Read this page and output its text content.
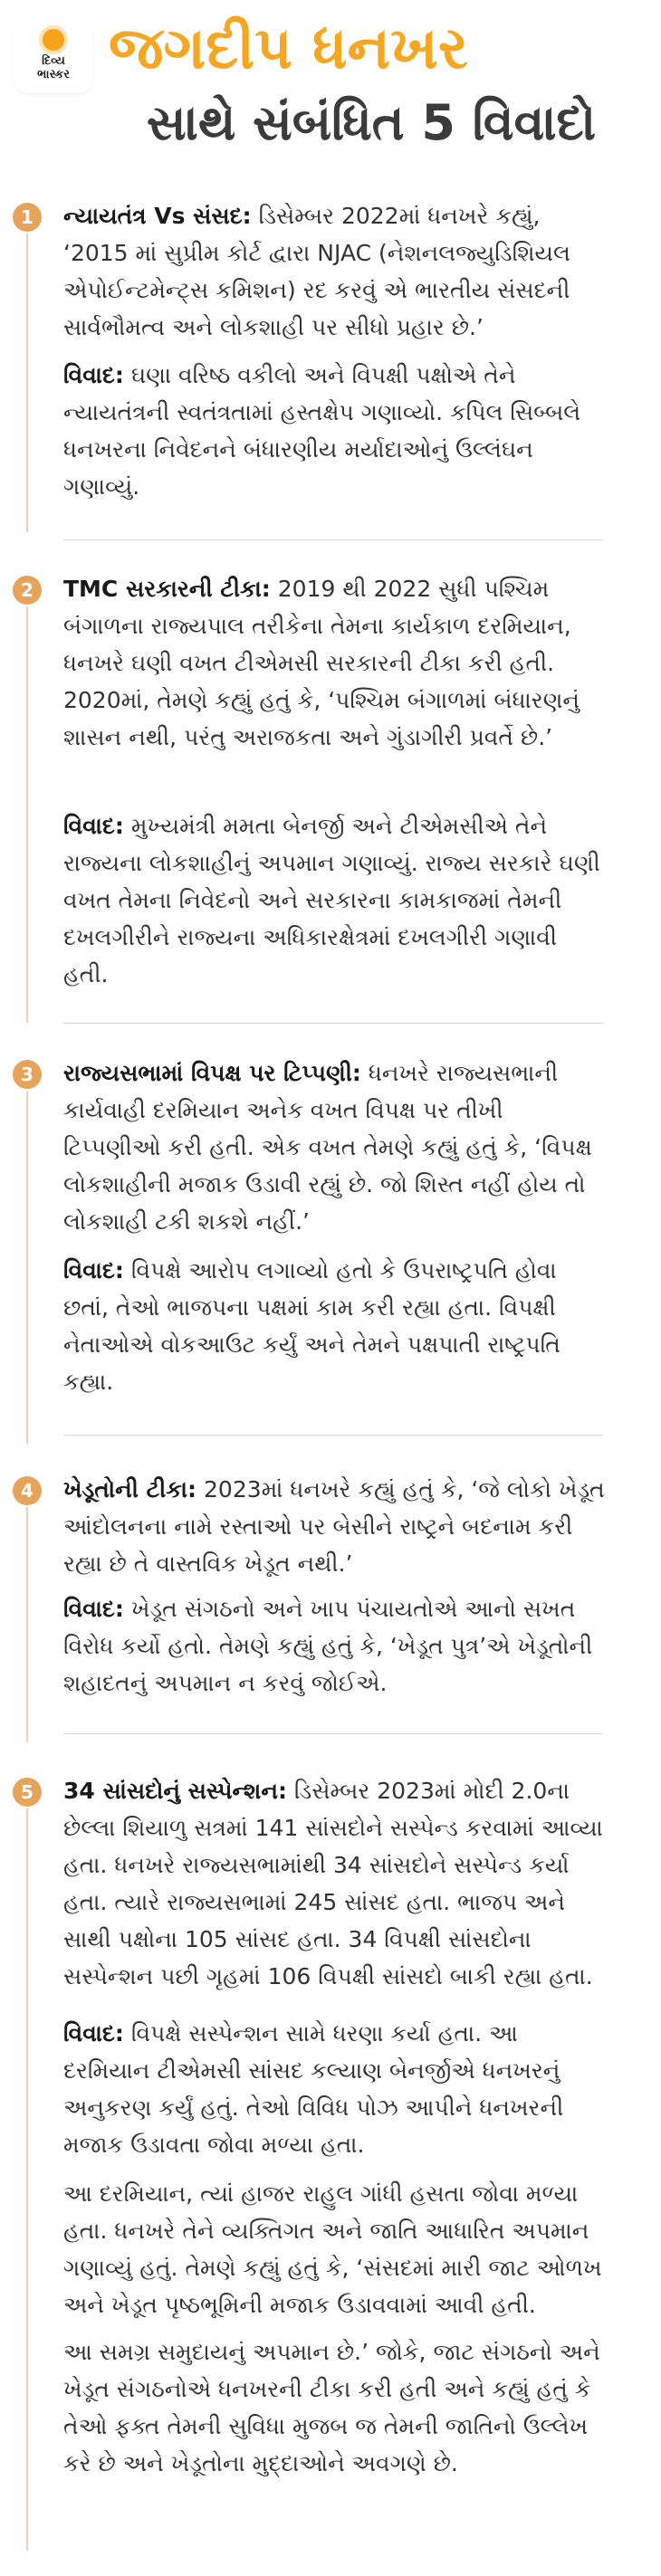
દિવ્ય
ભાસ્કર જગદીપ ધનખર
સાથે સંબંધિત 5 વિવાદો
1	ન્યાયતંત્ર Vs સંસદ: ડિસેમ્બર 2022માં ધનખરે કહ્યું, ‘2015 માં સુપ્રીમ કોર્ટ દ્વારા NJAC (નેશનલજ્યુડિશિયલ એપોઈન્ટમેન્ટ્સ કમિશન) રદ કરવું એ ભારતીય સંસદની સાર્વભૌમત્વ અને લોકશાહી પર સીધો પ્રહાર છે.’

વિવાદ: ઘણા વરિષ્ઠ વકીલો અને વિપક્ષી પક્ષોએ તેને ન્યાયતંત્રની સ્વતંત્રતામાં હસ્તક્ષેપ ગણાવ્યો. કપિલ સિબ્બલે ધનખરના નિવેદનને બંધારણીય મર્યાદાઓનું ઉલ્લંઘન ગણાવ્યું.

2	TMC સરકારની ટીકા: 2019 થી 2022 સુધી પશ્ચિમ બંગાળના રાજ્યપાલ તરીકેના તેમના કાર્યકાળ દરમિયાન, ધનખરે ઘણી વખત ટીએમસી સરકારની ટીકા કરી હતી. 2020માં, તેમણે કહ્યું હતું કે, ‘પશ્ચિમ બંગાળમાં બંધારણનું શાસન નથી, પરંતુ અરાજકતા અને ગુંડાગીરી પ્રવર્તે છે.’

વિવાદ: મુખ્યમંત્રી મમતા બેનર્જી અને ટીએમસીએ તેને રાજ્યના લોકશાહીનું અપમાન ગણાવ્યું. રાજ્ય સરકારે ઘણી વખત તેમના નિવેદનો અને સરકારના કામકાજમાં તેમની દખલગીરીને રાજ્યના અધિકારક્ષેત્રમાં દખલગીરી ગણાવી હતી.

3	રાજ્યસભામાં વિપક્ષ પર ટિપ્પણી: ધનખરે રાજ્યસભાની કાર્યવાહી દરમિયાન અનેક વખત વિપક્ષ પર તીખી ટિપ્પણીઓ કરી હતી. એક વખત તેમણે કહ્યું હતું કે, ‘વિપક્ષ લોકશાહીની મજાક ઉડાવી રહ્યું છે. જો શિસ્ત નહીં હોય તો લોકશાહી ટકી શકશે નહીં.’

વિવાદ: વિપક્ષે આરોપ લગાવ્યો હતો કે ઉપરાષ્ટ્રપતિ હોવા છતાં, તેઓ ભાજપના પક્ષમાં કામ કરી રહ્યા હતા. વિપક્ષી નેતાઓએ વોકઆઉટ કર્યું અને તેમને પક્ષપાતી રાષ્ટ્રપતિ કહ્યા.

4	ખેડૂતોની ટીકા: 2023માં ધનખરે કહ્યું હતું કે, ‘જે લોકો ખેડૂત આંદોલનના નામે રસ્તાઓ પર બેસીને રાષ્ટ્રને બદનામ કરી રહ્યા છે તે વાસ્તવિક ખેડૂત નથી.’

વિવાદ: ખેડૂત સંગઠનો અને ખાપ પંચાયતોએ આનો સખત વિરોધ કર્યો હતો. તેમણે કહ્યું હતું કે, ‘ખેડૂત પુત્ર’એ ખેડૂતોની શહાદતનું અપમાન ન કરવું જોઈએ.

5	34 સાંસદોનું સસ્પેન્શન: ડિસેમ્બર 2023માં મોદી 2.0ના છેલ્લા શિયાળુ સત્રમાં 141 સાંસદોને સસ્પેન્ડ કરવામાં આવ્યા હતા. ધનખરે રાજ્યસભામાંથી 34 સાંસદોને સસ્પેન્ડ કર્યા હતા. ત્યારે રાજ્યસભામાં 245 સાંસદ હતા. ભાજપ અને સાથી પક્ષોના 105 સાંસદ હતા. 34 વિપક્ષી સાંસદોના સસ્પેન્શન પછી ગૃહમાં 106 વિપક્ષી સાંસદો બાકી રહ્યા હતા.

વિવાદ: વિપક્ષે સસ્પેન્શન સામે ધરણા કર્યા હતા. આ દરમિયાન ટીએમસી સાંસદ કલ્યાણ બેનર્જીએ ધનખરનું અનુકરણ કર્યું હતું. તેઓ વિવિધ પોઝ આપીને ધનખરની મજાક ઉડાવતા જોવા મળ્યા હતા.

આ દરમિયાન, ત્યાં હાજર રાહુલ ગાંધી હસતા જોવા મળ્યા હતા. ધનખરે તેને વ્યક્તિગત અને જાતિ આધારિત અપમાન ગણાવ્યું હતું. તેમણે કહ્યું હતું કે, ‘સંસદમાં મારી જાટ ઓળખ અને ખેડૂત પૃષ્ઠભૂમિની મજાક ઉડાવવામાં આવી હતી.

આ સમગ્ર સમુદાયનું અપમાન છે.’ જોકે, જાટ સંગઠનો અને ખેડૂત સંગઠનોએ ધનખરની ટીકા કરી હતી અને કહ્યું હતું કે તેઓ ફક્ત તેમની સુવિધા મુજબ જ તેમની જાતિનો ઉલ્લેખ કરે છે અને ખેડૂતોના મુદ્દાઓને અવગણે છે.
